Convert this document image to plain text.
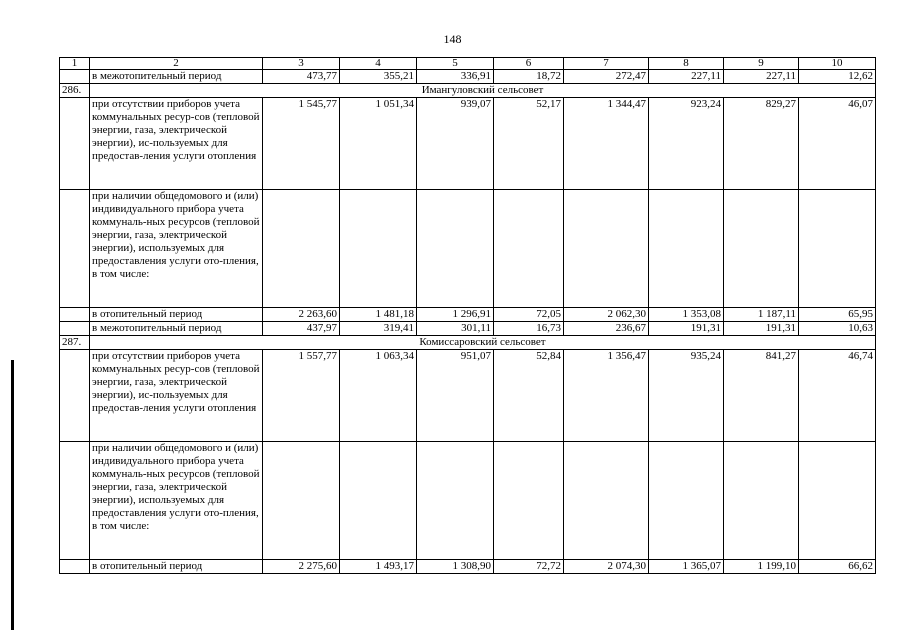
148
1	2	3	4	5	6	7	8	9	10
	в межотопительный период	473,77	355,21	336,91	18,72	272,47	227,11	227,11	12,62
286.	Имангуловский сельсовет								
	при отсутствии приборов учета коммунальных ресур-сов (тепловой энергии, газа, электрической энергии), ис-пользуемых для предостав-ления услуги отопления	1 545,77	1 051,34	939,07	52,17	1 344,47	923,24	829,27	46,07
	при наличии общедомового и (или) индивидуального прибора учета коммуналь-ных ресурсов (тепловой энергии, газа, электрической энергии), используемых для предоставления услуги ото-пления, в том числе:								
	в отопительный период	2 263,60	1 481,18	1 296,91	72,05	2 062,30	1 353,08	1 187,11	65,95
	в межотопительный период	437,97	319,41	301,11	16,73	236,67	191,31	191,31	10,63
287.	Комиссаровский сельсовет								
	при отсутствии приборов учета коммунальных ресур-сов (тепловой энергии, газа, электрической энергии), ис-пользуемых для предостав-ления услуги отопления	1 557,77	1 063,34	951,07	52,84	1 356,47	935,24	841,27	46,74
	при наличии общедомового и (или) индивидуального прибора учета коммуналь-ных ресурсов (тепловой энергии, газа, электрической энергии), используемых для предоставления услуги ото-пления, в том числе:								
	в отопительный период	2 275,60	1 493,17	1 308,90	72,72	2 074,30	1 365,07	1 199,10	66,62
